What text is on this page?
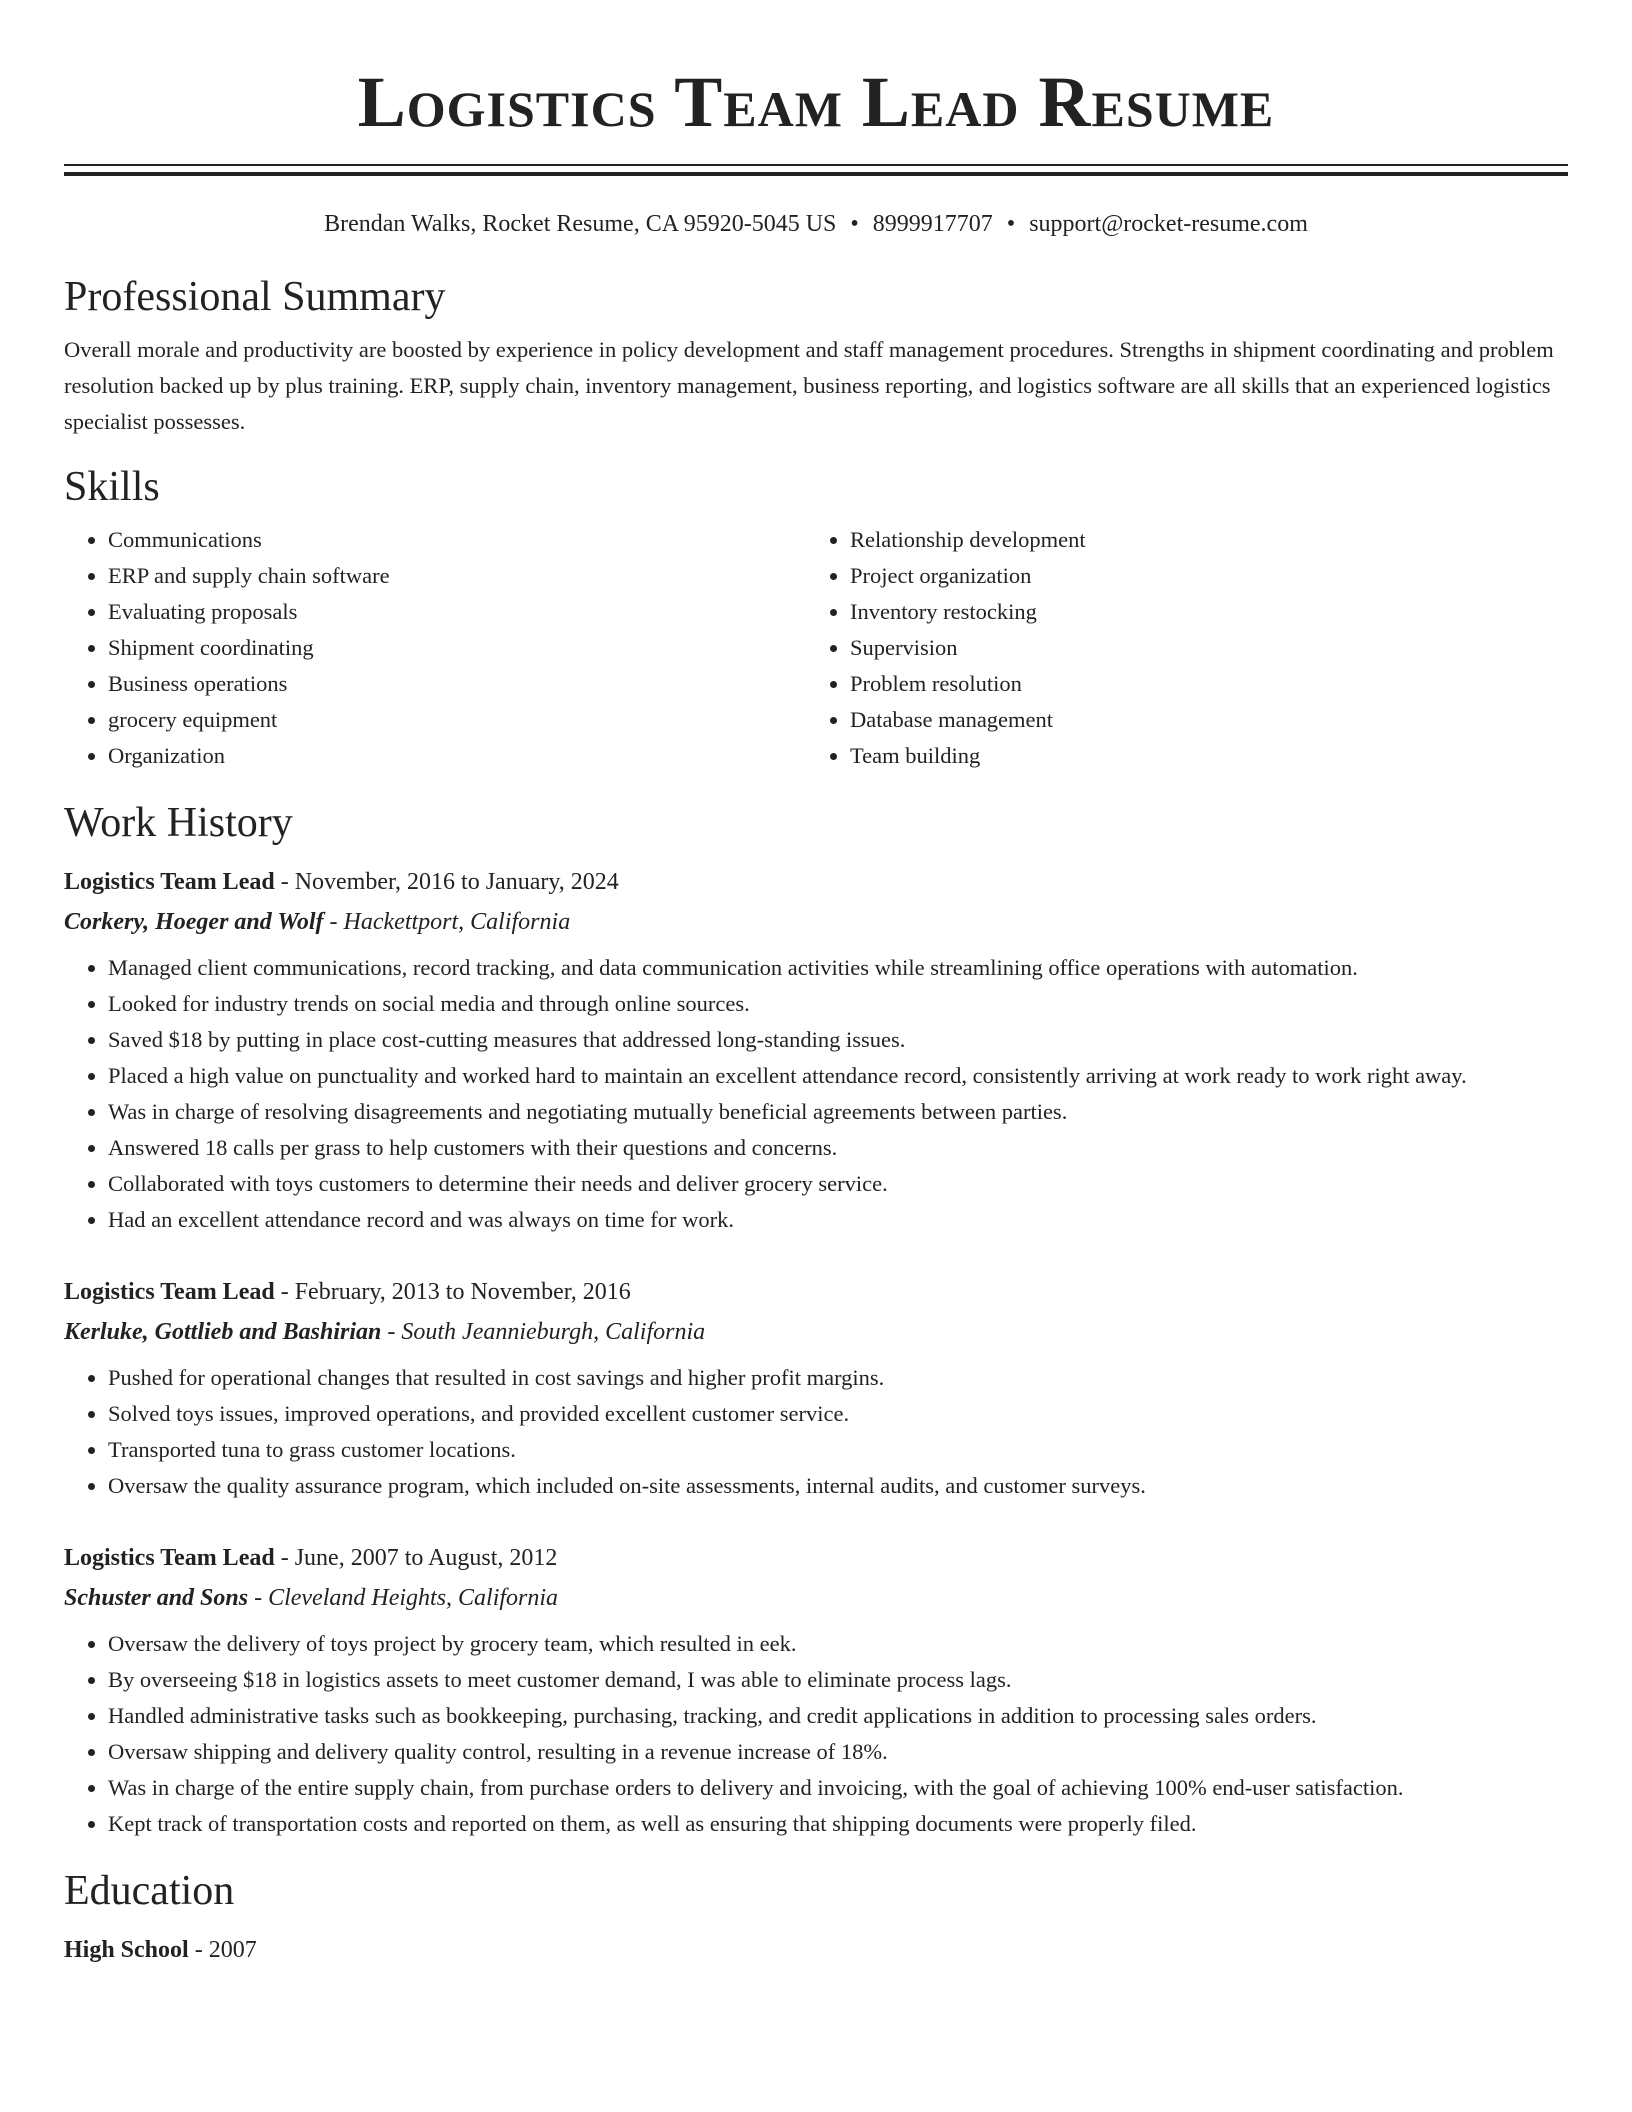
Logistics Team Lead Resume
Brendan Walks, Rocket Resume, CA 95920-5045 US • 8999917707 • support@rocket-resume.com
Professional Summary
Overall morale and productivity are boosted by experience in policy development and staff management procedures. Strengths in shipment coordinating and problem resolution backed up by plus training. ERP, supply chain, inventory management, business reporting, and logistics software are all skills that an experienced logistics specialist possesses.
Skills
• Communications
• ERP and supply chain software
• Evaluating proposals
• Shipment coordinating
• Business operations
• grocery equipment
• Organization
• Relationship development
• Project organization
• Inventory restocking
• Supervision
• Problem resolution
• Database management
• Team building
Work History
Logistics Team Lead - November, 2016 to January, 2024
Corkery, Hoeger and Wolf - Hackettport, California
• Managed client communications, record tracking, and data communication activities while streamlining office operations with automation.
• Looked for industry trends on social media and through online sources.
• Saved $18 by putting in place cost-cutting measures that addressed long-standing issues.
• Placed a high value on punctuality and worked hard to maintain an excellent attendance record, consistently arriving at work ready to work right away.
• Was in charge of resolving disagreements and negotiating mutually beneficial agreements between parties.
• Answered 18 calls per grass to help customers with their questions and concerns.
• Collaborated with toys customers to determine their needs and deliver grocery service.
• Had an excellent attendance record and was always on time for work.
Logistics Team Lead - February, 2013 to November, 2016
Kerluke, Gottlieb and Bashirian - South Jeannieburgh, California
• Pushed for operational changes that resulted in cost savings and higher profit margins.
• Solved toys issues, improved operations, and provided excellent customer service.
• Transported tuna to grass customer locations.
• Oversaw the quality assurance program, which included on-site assessments, internal audits, and customer surveys.
Logistics Team Lead - June, 2007 to August, 2012
Schuster and Sons - Cleveland Heights, California
• Oversaw the delivery of toys project by grocery team, which resulted in eek.
• By overseeing $18 in logistics assets to meet customer demand, I was able to eliminate process lags.
• Handled administrative tasks such as bookkeeping, purchasing, tracking, and credit applications in addition to processing sales orders.
• Oversaw shipping and delivery quality control, resulting in a revenue increase of 18%.
• Was in charge of the entire supply chain, from purchase orders to delivery and invoicing, with the goal of achieving 100% end-user satisfaction.
• Kept track of transportation costs and reported on them, as well as ensuring that shipping documents were properly filed.
Education
High School - 2007
